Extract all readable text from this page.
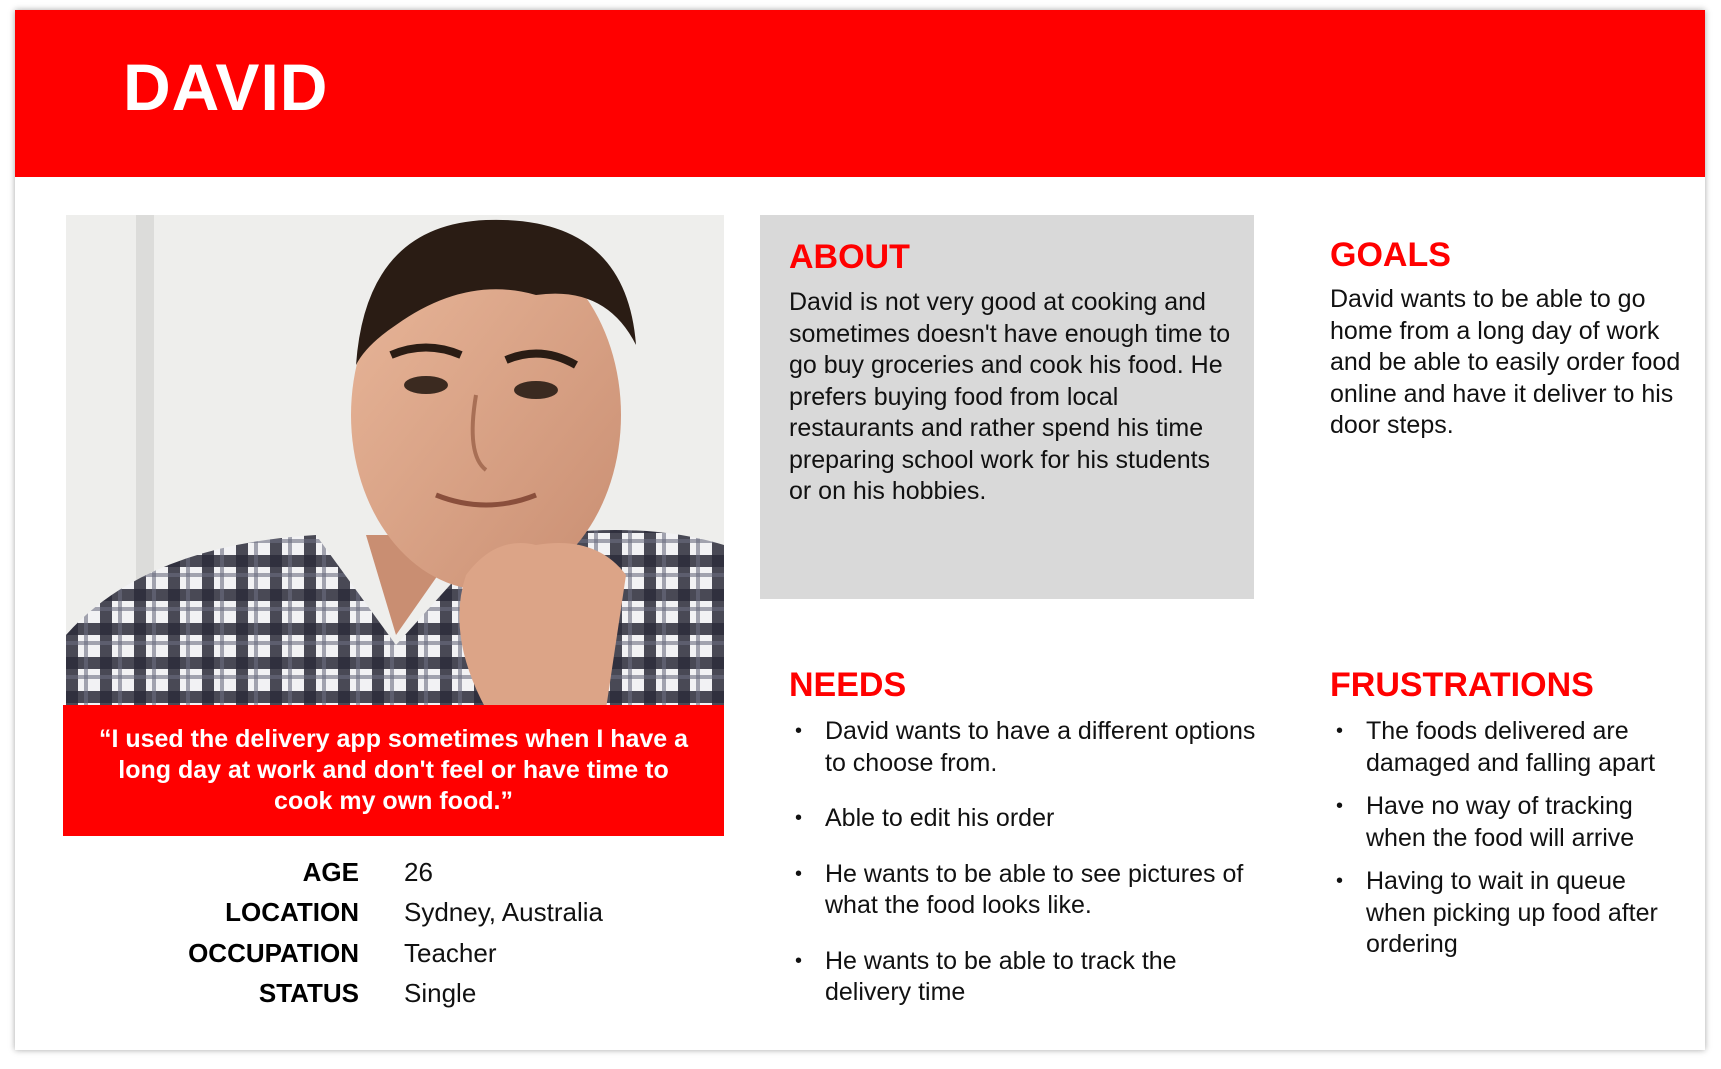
DAVID

“I used the delivery app sometimes when I have a long day at work and don't feel or have time to cook my own food.”

AGE 26
LOCATION Sydney, Australia
OCCUPATION Teacher
STATUS Single
ABOUT

David is not very good at cooking and sometimes doesn't have enough time to go buy groceries and cook his food. He prefers buying food from local restaurants and rather spend his time preparing school work for his students or on his hobbies.

GOALS

David wants to be able to go home from a long day of work and be able to easily order food online and have it deliver to his door steps.

NEEDS
• David wants to have a different options to choose from.
• Able to edit his order
• He wants to be able to see pictures of what the food looks like.
• He wants to be able to track the delivery time
FRUSTRATIONS
• The foods delivered are damaged and falling apart
• Have no way of tracking when the food will arrive
• Having to wait in queue when picking up food after ordering
